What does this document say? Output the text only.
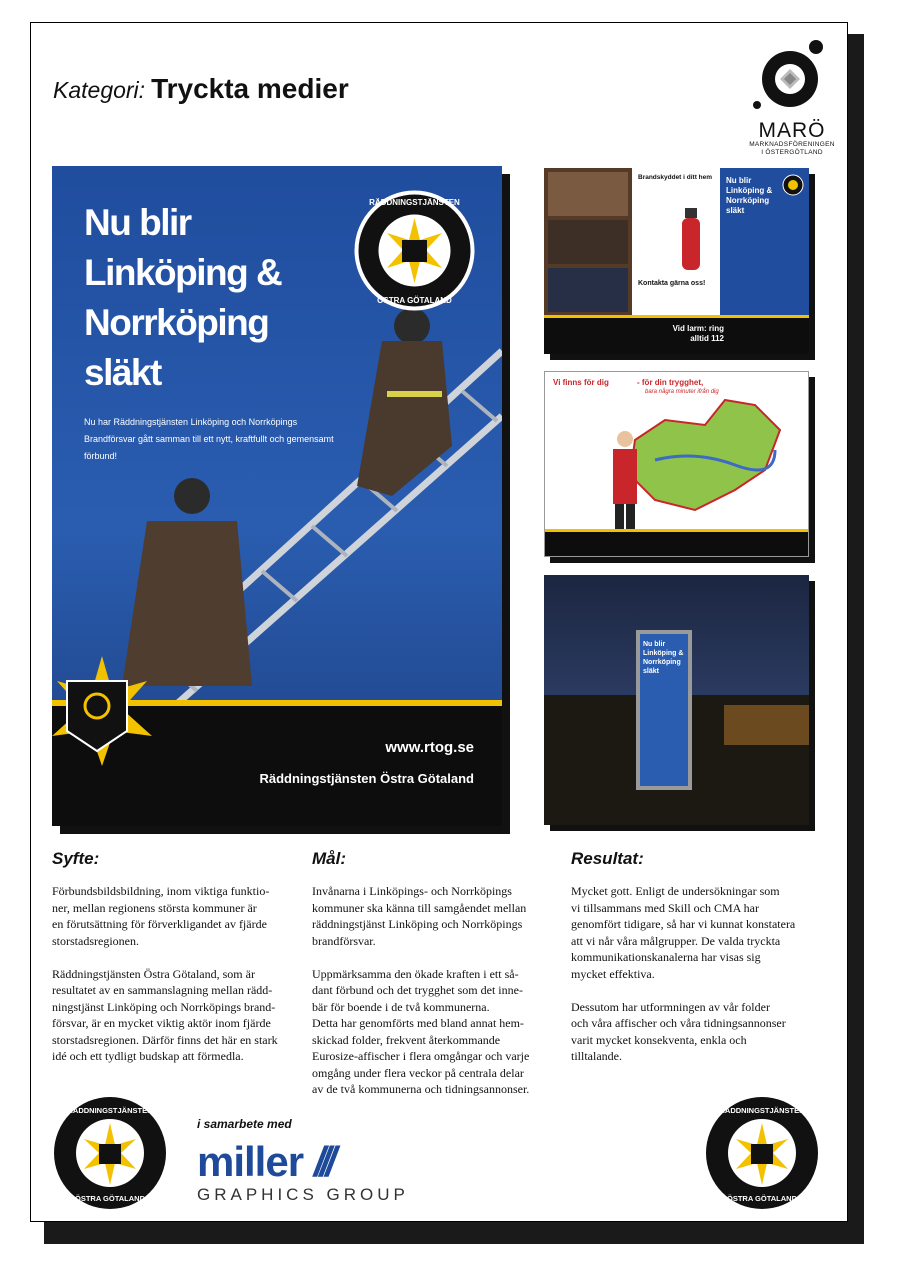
Kategori: Tryckta medier
MARÖ
MARKNADSFÖRENINGEN
I ÖSTERGÖTLAND
Nu blir
Linköping &
Norrköping
släkt
Nu har Räddningstjänsten Linköping och Norrköpings Brandförsvar gått samman till ett nytt, kraftfullt och gemensamt förbund!
RÄDDNINGSTJÄNSTEN
ÖSTRA GÖTALAND
www.rtog.se
Räddningstjänsten Östra Götaland
Brandskyddet i ditt hem
Kontakta gärna oss!
Nu blir Linköping & Norrköping släkt
Vid larm: ring alltid 112
Vi finns för dig	- för din trygghet,
bara några minuter ifrån dig
Nu blir Linköping & Norrköping släkt
Syfte:
Förbundsbildsbildning, inom viktiga funktio-
ner, mellan regionens största kommuner är
en förutsättning för förverkligandet av fjärde
storstadsregionen.

Räddningstjänsten Östra Götaland, som är
resultatet av en sammanslagning mellan rädd-
ningstjänst Linköping och Norrköpings brand-
försvar, är en mycket viktig aktör inom fjärde
storstadsregionen. Därför finns det här en stark
idé och ett tydligt budskap att förmedla.
Mål:
Invånarna i Linköpings- och Norrköpings
kommuner ska känna till samgåendet mellan
räddningstjänst Linköping och Norrköpings
brandförsvar.

Uppmärksamma den ökade kraften i ett så-
dant förbund och det trygghet som det inne-
bär för boende i de två kommunerna.
Detta har genomförts med bland annat hem-
skickad folder, frekvent återkommande
Eurosize-affischer i flera omgångar och varje
omgång under flera veckor på centrala delar
av de två kommunerna och tidningsannonser.
Resultat:
Mycket gott. Enligt de undersökningar som
vi tillsammans med Skill och CMA har
genomfört tidigare, så har vi kunnat konstatera
att vi når våra målgrupper. De valda tryckta
kommunikationskanalerna har visas sig
mycket effektiva.

Dessutom har utformningen av vår folder
och våra affischer och våra tidningsannonser
varit mycket konsekventa, enkla och
tilltalande.
RÄDDNINGSTJÄNSTEN
ÖSTRA GÖTALAND
i samarbete med
miller ///
GRAPHICS GROUP
RÄDDNINGSTJÄNSTEN
ÖSTRA GÖTALAND
